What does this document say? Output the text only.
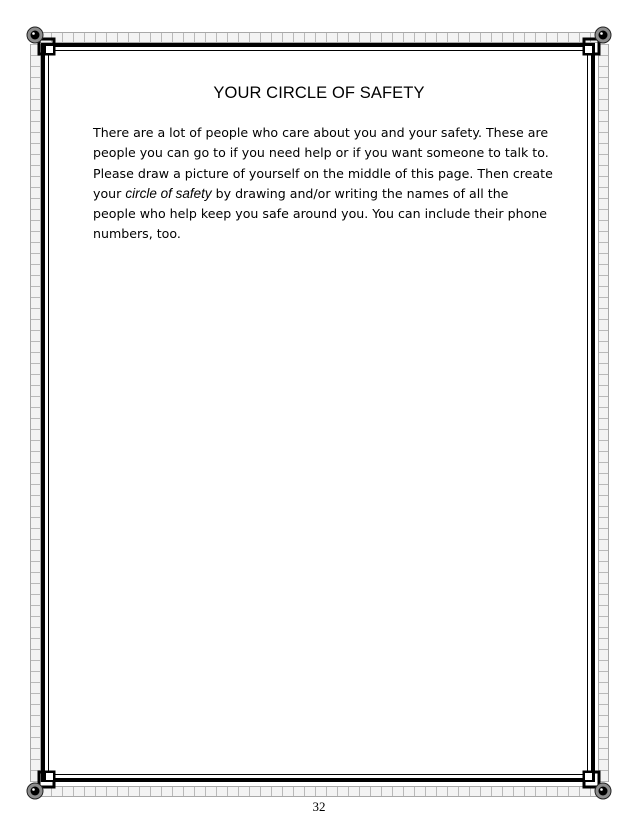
YOUR CIRCLE OF SAFETY
There are a lot of people who care about you and your safety. These are
people you can go to if you need help or if you want someone to talk to.
Please draw a picture of yourself on the middle of this page. Then create
your circle of safety by drawing and/or writing the names of all the
people who help keep you safe around you. You can include their phone
numbers, too.
32
